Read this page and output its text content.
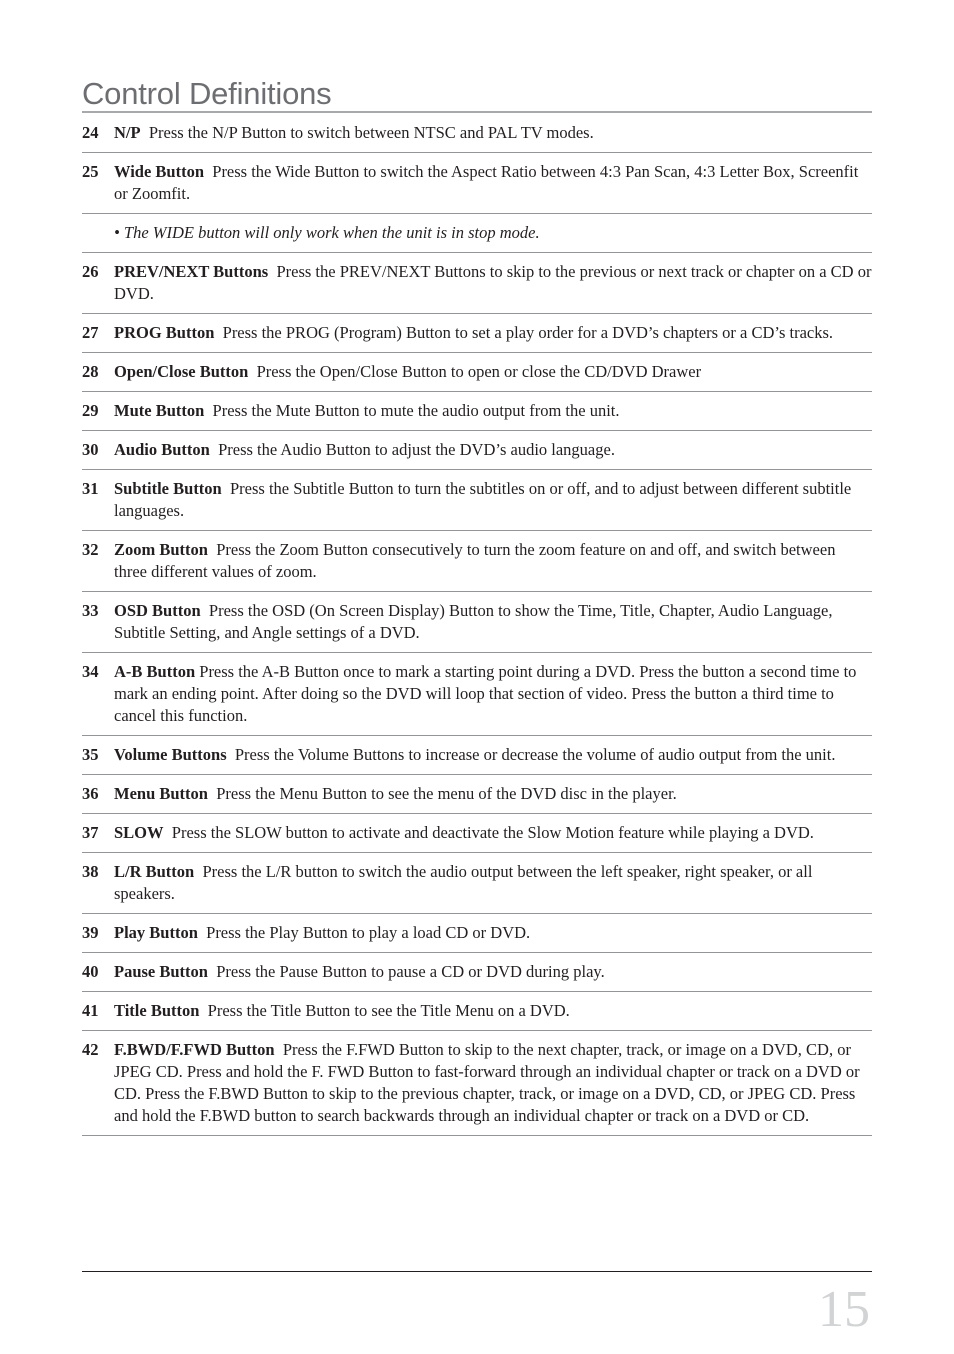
Control Definitions
24 N/P Press the N/P Button to switch between NTSC and PAL TV modes.
25 Wide Button Press the Wide Button to switch the Aspect Ratio between 4:3 Pan Scan, 4:3 Letter Box, Screenfit or Zoomfit.
• The WIDE button will only work when the unit is in stop mode.
26 PREV/NEXT Buttons Press the PREV/NEXT Buttons to skip to the previous or next track or chapter on a CD or DVD.
27 PROG Button Press the PROG (Program) Button to set a play order for a DVD’s chapters or a CD’s tracks.
28 Open/Close Button Press the Open/Close Button to open or close the CD/DVD Drawer
29 Mute Button Press the Mute Button to mute the audio output from the unit.
30 Audio Button Press the Audio Button to adjust the DVD’s audio language.
31 Subtitle Button Press the Subtitle Button to turn the subtitles on or off, and to adjust between different subtitle languages.
32 Zoom Button Press the Zoom Button consecutively to turn the zoom feature on and off, and switch between three different values of zoom.
33 OSD Button Press the OSD (On Screen Display) Button to show the Time, Title, Chapter, Audio Language, Subtitle Setting, and Angle settings of a DVD.
34 A-B Button Press the A-B Button once to mark a starting point during a DVD. Press the button a second time to mark an ending point. After doing so the DVD will loop that section of video. Press the button a third time to cancel this function.
35 Volume Buttons Press the Volume Buttons to increase or decrease the volume of audio output from the unit.
36 Menu Button Press the Menu Button to see the menu of the DVD disc in the player.
37 SLOW Press the SLOW button to activate and deactivate the Slow Motion feature while playing a DVD.
38 L/R Button Press the L/R button to switch the audio output between the left speaker, right speaker, or all speakers.
39 Play Button Press the Play Button to play a load CD or DVD.
40 Pause Button Press the Pause Button to pause a CD or DVD during play.
41 Title Button Press the Title Button to see the Title Menu on a DVD.
42 F.BWD/F.FWD Button Press the F.FWD Button to skip to the next chapter, track, or image on a DVD, CD, or JPEG CD. Press and hold the F. FWD Button to fast-forward through an individual chapter or track on a DVD or CD. Press the F.BWD Button to skip to the previous chapter, track, or image on a DVD, CD, or JPEG CD. Press and hold the F.BWD button to search backwards through an individual chapter or track on a DVD or CD.
15
